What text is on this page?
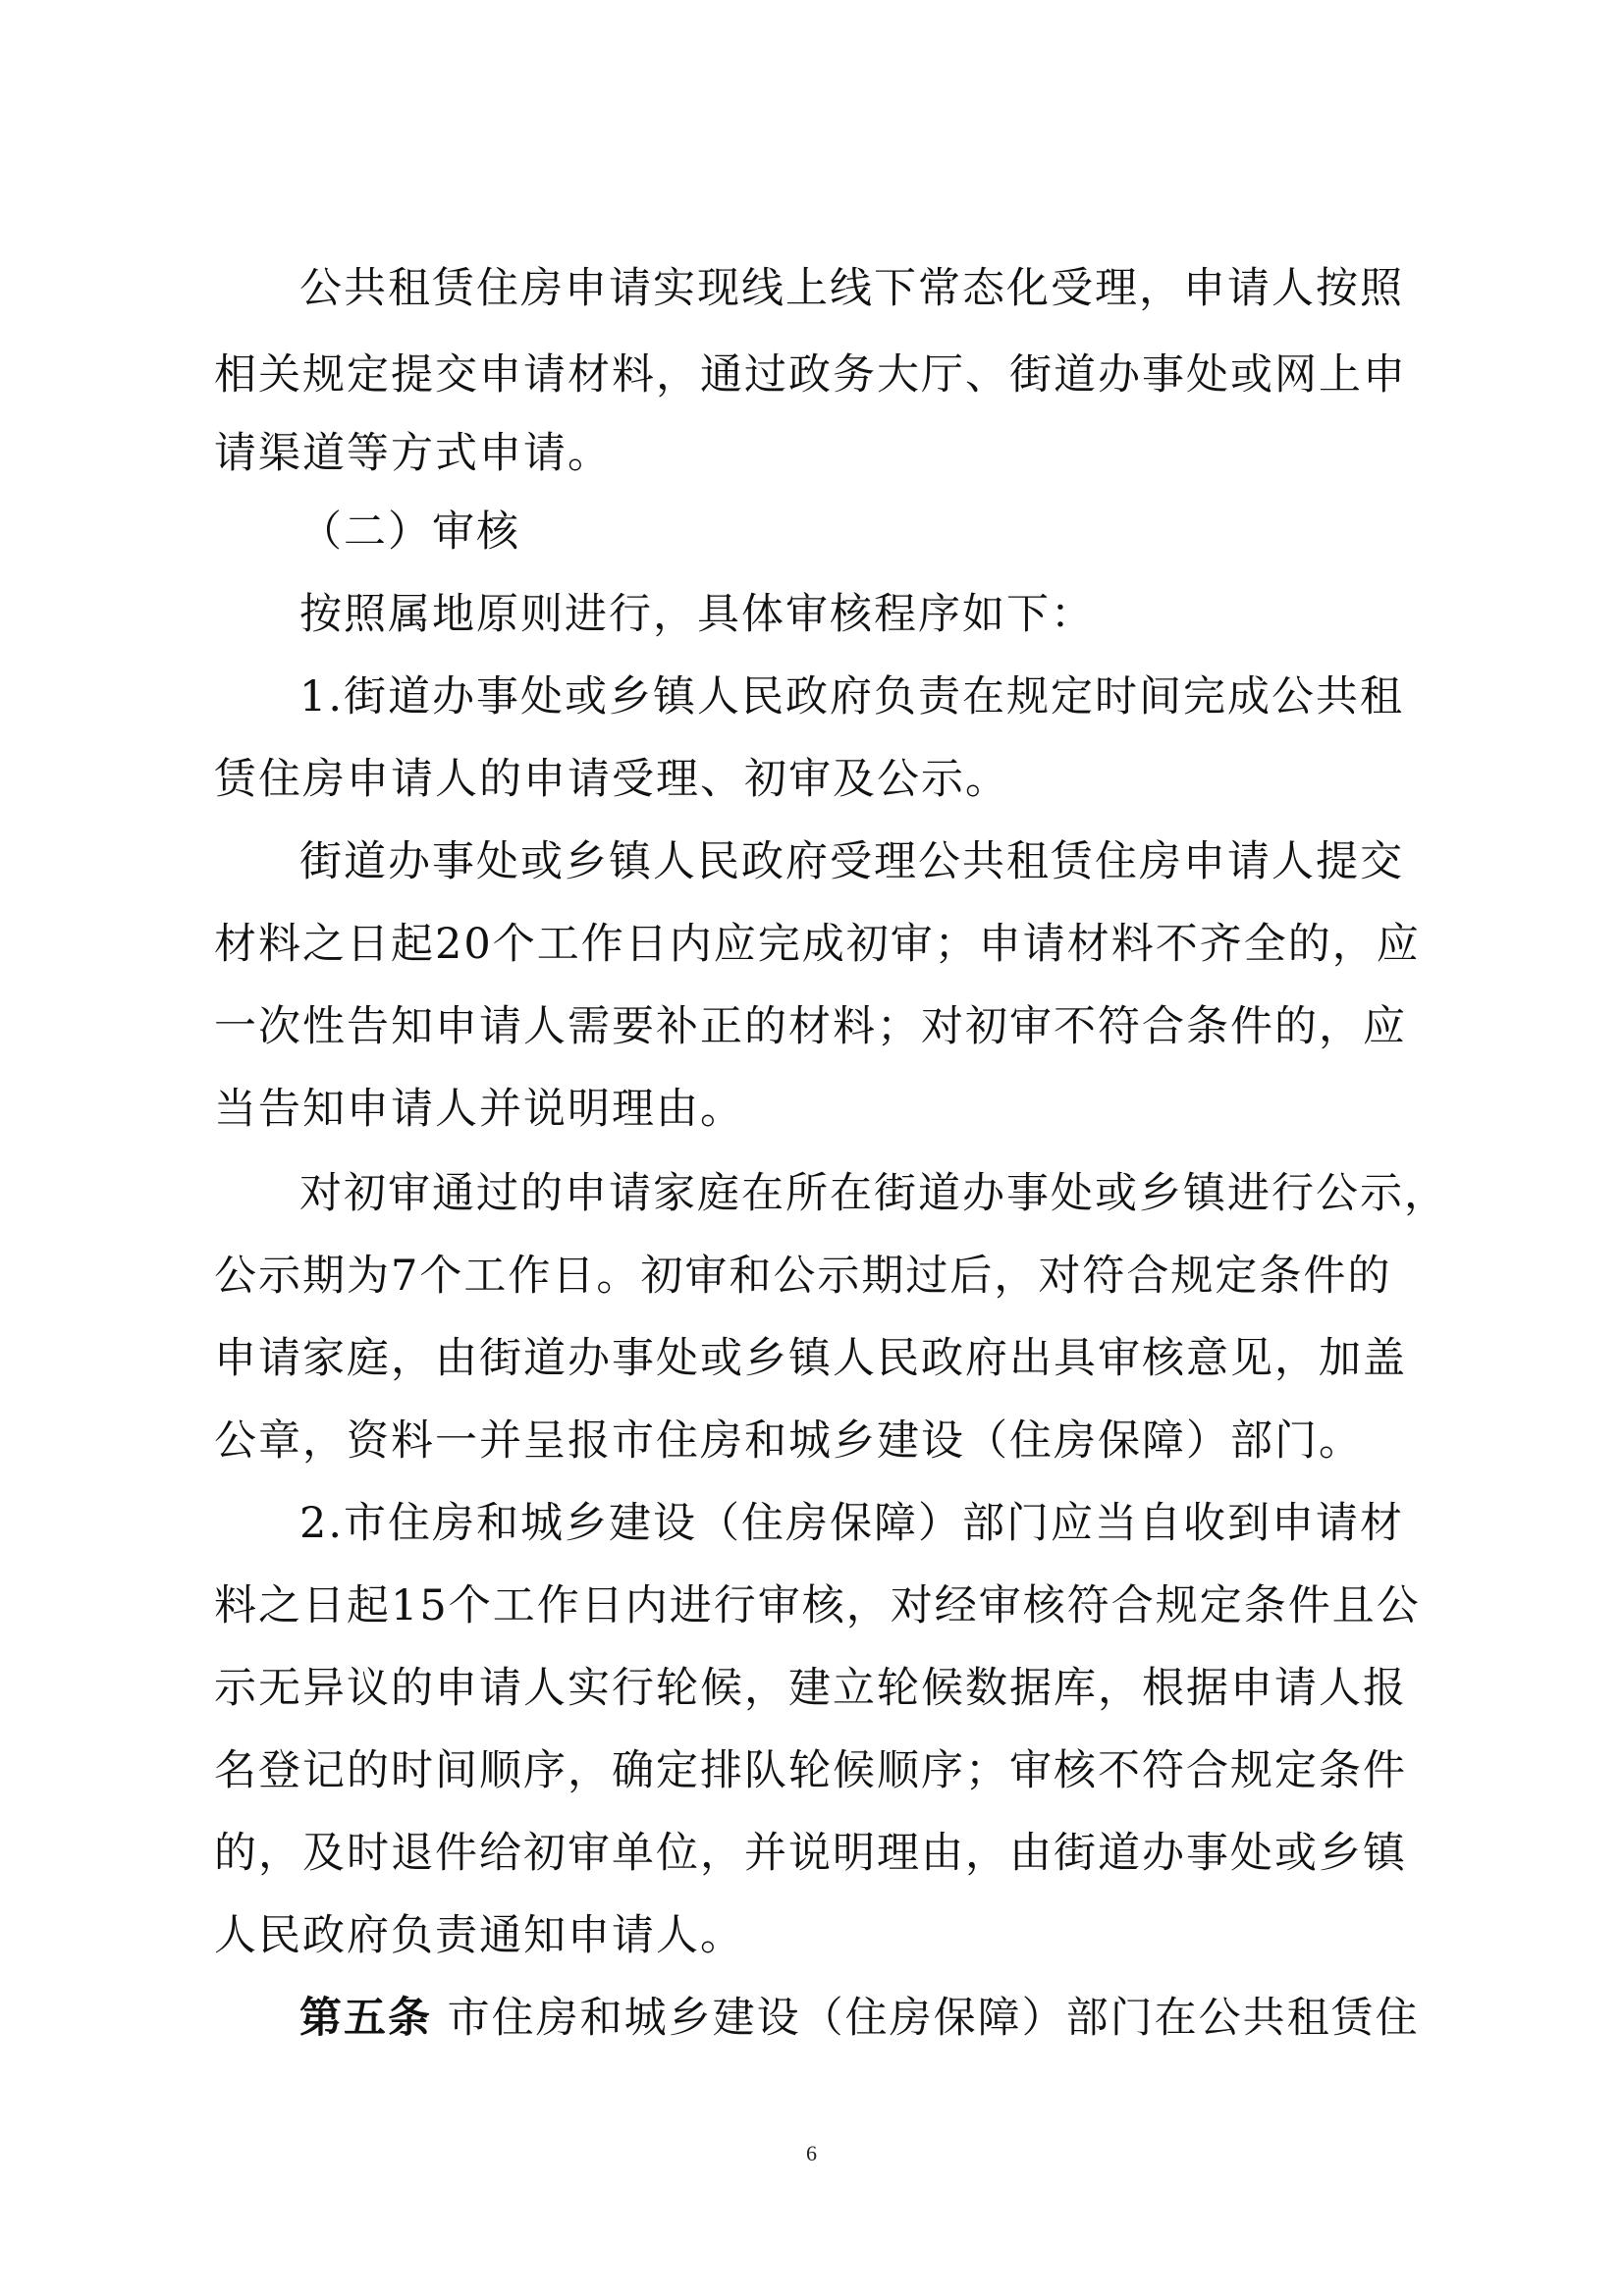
公共租赁住房申请实现线上线下常态化受理，申请人按照
相关规定提交申请材料，通过政务大厅、街道办事处或网上申
请渠道等方式申请。
（二）审核
按照属地原则进行，具体审核程序如下：
1.街道办事处或乡镇人民政府负责在规定时间完成公共租
赁住房申请人的申请受理、初审及公示。
街道办事处或乡镇人民政府受理公共租赁住房申请人提交
材料之日起20个工作日内应完成初审；申请材料不齐全的，应
一次性告知申请人需要补正的材料；对初审不符合条件的，应
当告知申请人并说明理由。
对初审通过的申请家庭在所在街道办事处或乡镇进行公示，
公示期为7个工作日。初审和公示期过后，对符合规定条件的
申请家庭，由街道办事处或乡镇人民政府出具审核意见，加盖
公章，资料一并呈报市住房和城乡建设（住房保障）部门。
2.市住房和城乡建设（住房保障）部门应当自收到申请材
料之日起15个工作日内进行审核，对经审核符合规定条件且公
示无异议的申请人实行轮候，建立轮候数据库，根据申请人报
名登记的时间顺序，确定排队轮候顺序；审核不符合规定条件
的，及时退件给初审单位，并说明理由，由街道办事处或乡镇
人民政府负责通知申请人。
第五条 市住房和城乡建设（住房保障）部门在公共租赁住
6
